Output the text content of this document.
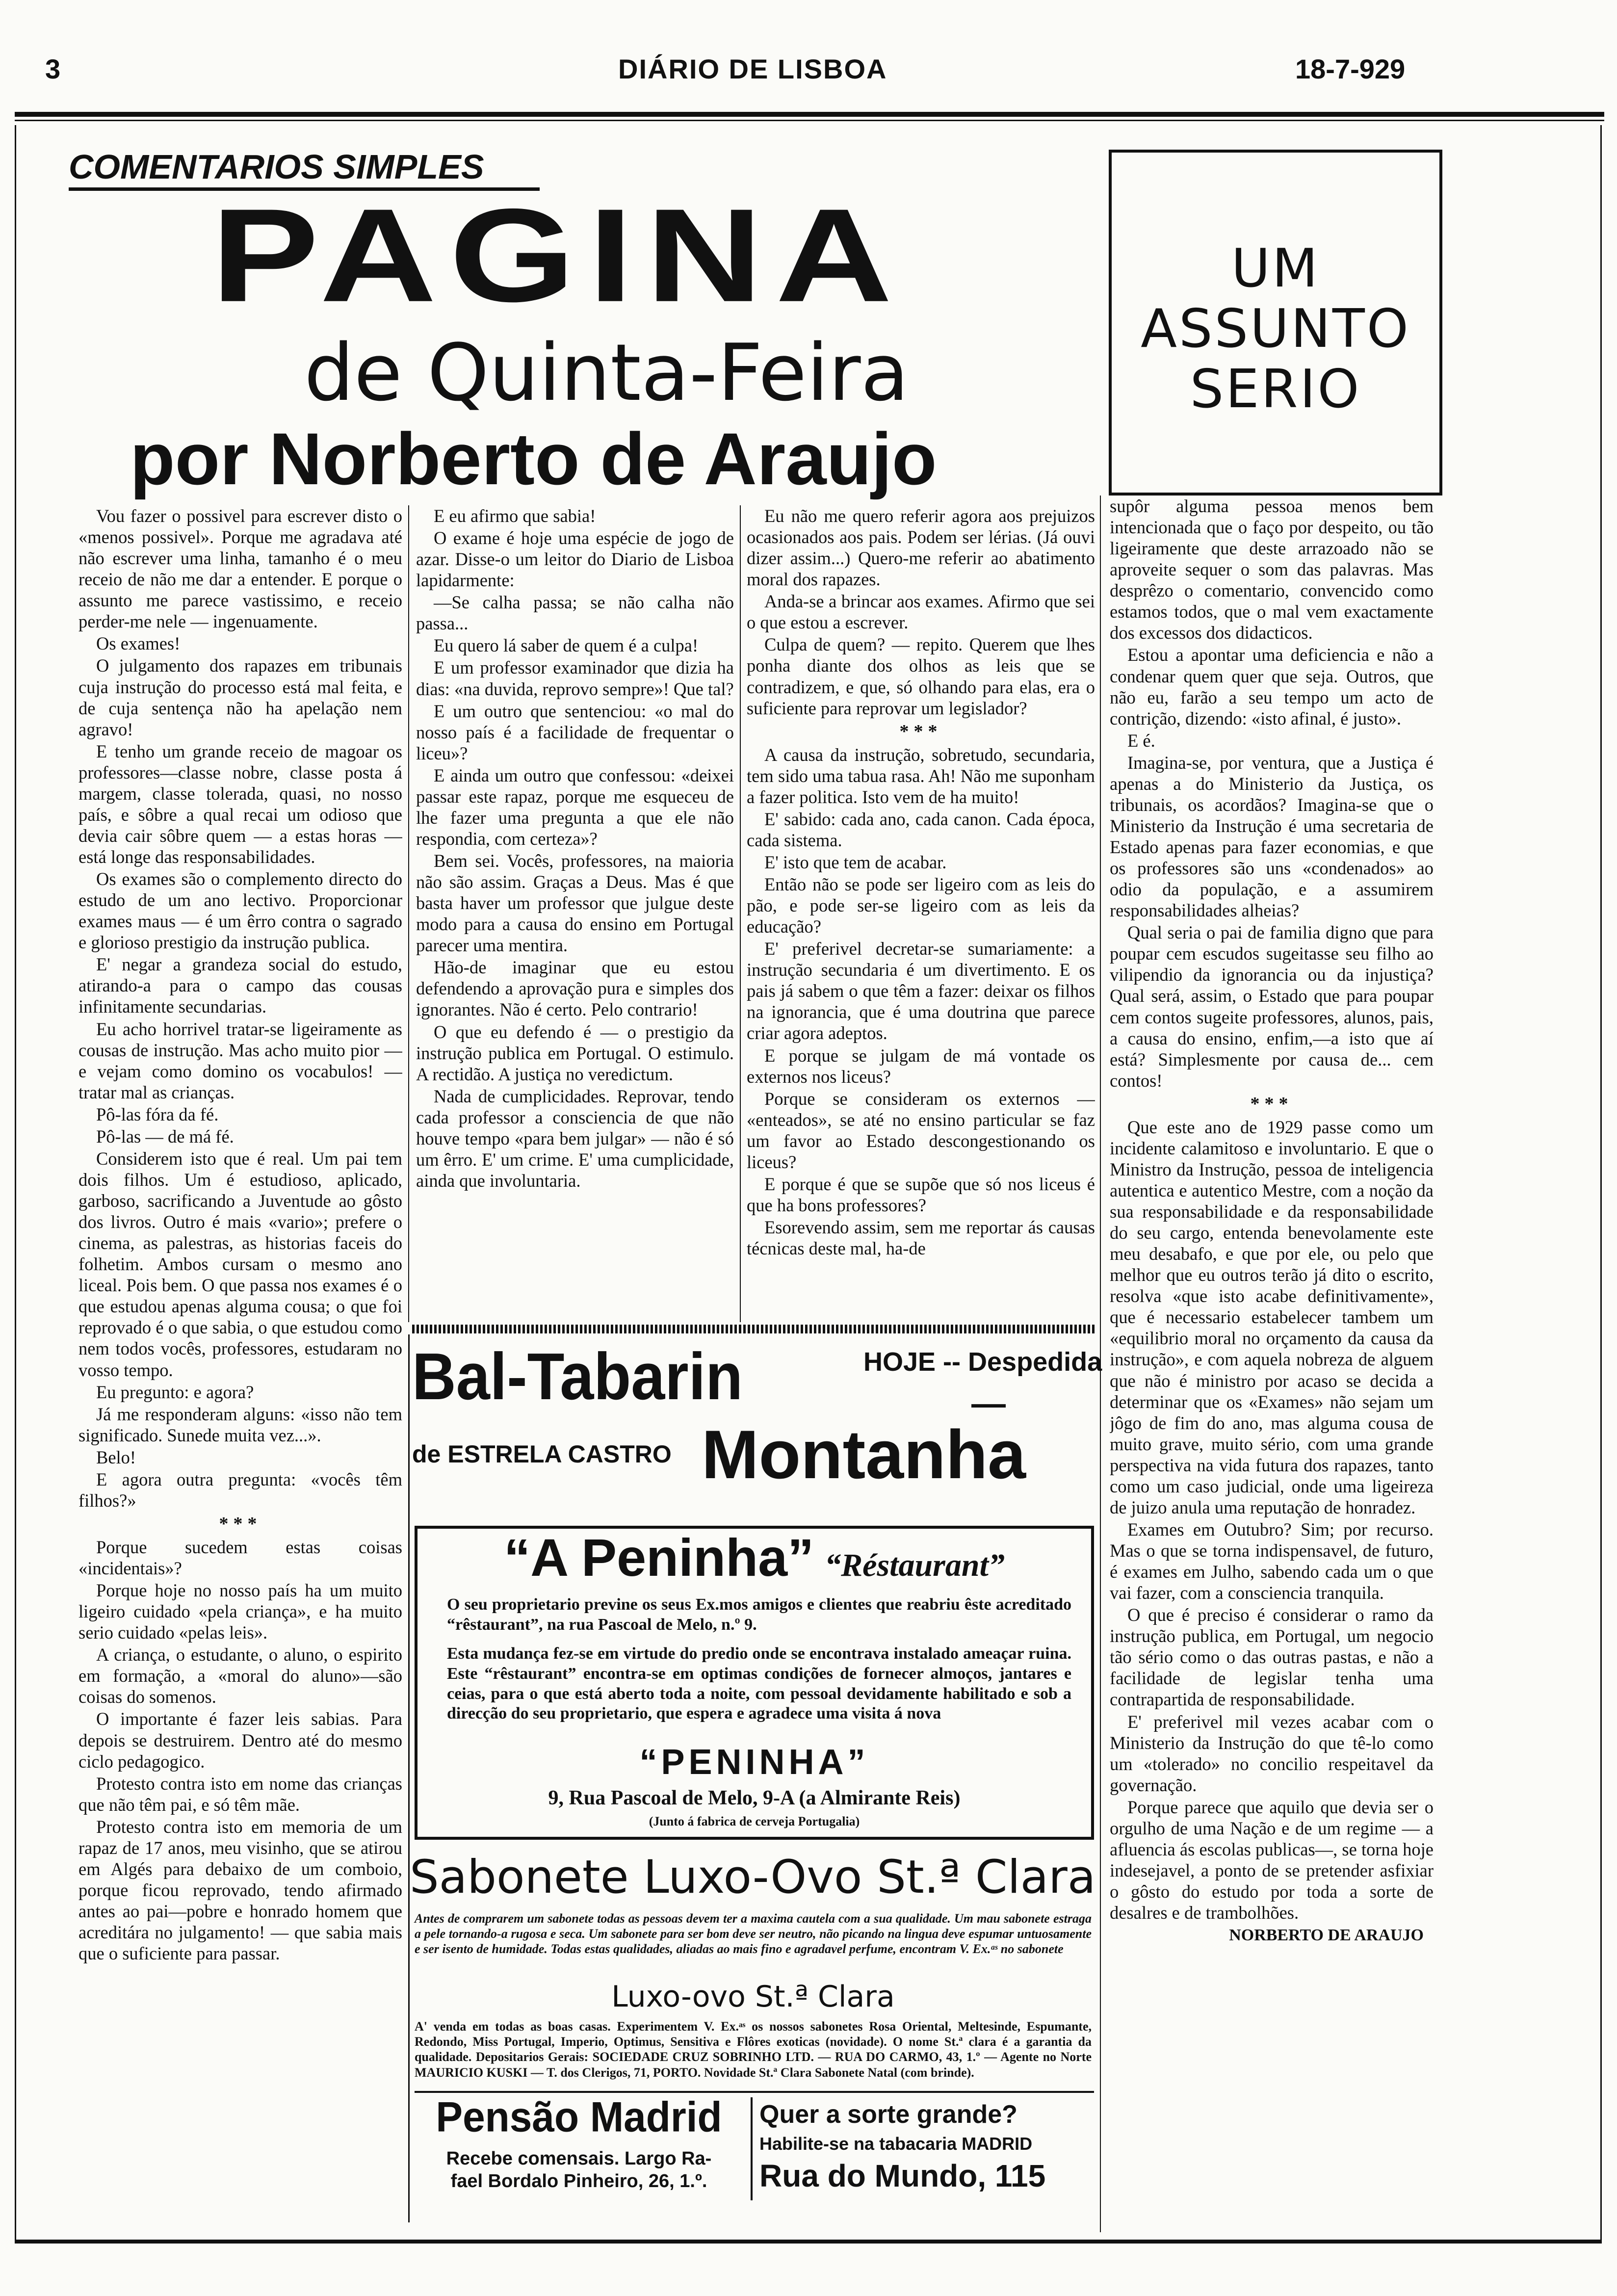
3	DIÁRIO DE LISBOA	18-7-929
COMENTARIOS SIMPLES
PAGINA
de Quinta-Feira
por Norberto de Araujo
UM
ASSUNTO
SERIO

Vou fazer o possivel para escrever disto o «menos possivel». Porque me agradava até não escrever uma linha, tamanho é o meu receio de não me dar a entender. E porque o assunto me parece vastissimo, e receio perder-me nele — ingenuamente.

Os exames!

O julgamento dos rapazes em tribunais cuja instrução do processo está mal feita, e de cuja sentença não ha apelação nem agravo!

E tenho um grande receio de magoar os professores—classe nobre, classe posta á margem, classe tolerada, quasi, no nosso país, e sôbre a qual recai um odioso que devia cair sôbre quem — a estas horas — está longe das responsabilidades.

Os exames são o complemento directo do estudo de um ano lectivo. Proporcionar exames maus — é um êrro contra o sagrado e glorioso prestigio da instrução publica.

E' negar a grandeza social do estudo, atirando-a para o campo das cousas infinitamente secundarias.

Eu acho horrivel tratar-se ligeiramente as cousas de instrução. Mas acho muito pior — e vejam como domino os vocabulos! — tratar mal as crianças.

Pô-las fóra da fé.

Pô-las — de má fé.

Considerem isto que é real. Um pai tem dois filhos. Um é estudioso, aplicado, garboso, sacrificando a Juventude ao gôsto dos livros. Outro é mais «vario»; prefere o cinema, as palestras, as historias faceis do folhetim. Ambos cursam o mesmo ano liceal. Pois bem. O que passa nos exames é o que estudou apenas alguma cousa; o que foi reprovado é o que sabia, o que estudou como nem todos vocês, professores, estudaram no vosso tempo.

Eu pregunto: e agora?

Já me responderam alguns: «isso não tem significado. Sunede muita vez...».

Belo!

E agora outra pregunta: «vocês têm filhos?»

***

Porque sucedem estas coisas «incidentais»?

Porque hoje no nosso país ha um muito ligeiro cuidado «pela criança», e ha muito serio cuidado «pelas leis».

A criança, o estudante, o aluno, o espirito em formação, a «moral do aluno»—são coisas do somenos.

O importante é fazer leis sabias. Para depois se destruirem. Dentro até do mesmo ciclo pedagogico.

Protesto contra isto em nome das crianças que não têm pai, e só têm mãe.

Protesto contra isto em memoria de um rapaz de 17 anos, meu visinho, que se atirou em Algés para debaixo de um comboio, porque ficou reprovado, tendo afirmado antes ao pai—pobre e honrado homem que acreditára no julgamento! — que sabia mais que o suficiente para passar.

E eu afirmo que sabia!

O exame é hoje uma espécie de jogo de azar. Disse-o um leitor do Diario de Lisboa lapidarmente:

—Se calha passa; se não calha não passa...

Eu quero lá saber de quem é a culpa!

E um professor examinador que dizia ha dias: «na duvida, reprovo sempre»! Que tal?

E um outro que sentenciou: «o mal do nosso país é a facilidade de frequentar o liceu»?

E ainda um outro que confessou: «deixei passar este rapaz, porque me esqueceu de lhe fazer uma pregunta a que ele não respondia, com certeza»?

Bem sei. Vocês, professores, na maioria não são assim. Graças a Deus. Mas é que basta haver um professor que julgue deste modo para a causa do ensino em Portugal parecer uma mentira.

Hão-de imaginar que eu estou defendendo a aprovação pura e simples dos ignorantes. Não é certo. Pelo contrario!

O que eu defendo é — o prestigio da instrução publica em Portugal. O estimulo. A rectidão. A justiça no veredictum.

Nada de cumplicidades. Reprovar, tendo cada professor a consciencia de que não houve tempo «para bem julgar» — não é só um êrro. E' um crime. E' uma cumplicidade, ainda que involuntaria.

Eu não me quero referir agora aos prejuizos ocasionados aos pais. Podem ser lérias. (Já ouvi dizer assim...) Quero-me referir ao abatimento moral dos rapazes.

Anda-se a brincar aos exames. Afirmo que sei o que estou a escrever.

Culpa de quem? — repito. Querem que lhes ponha diante dos olhos as leis que se contradizem, e que, só olhando para elas, era o suficiente para reprovar um legislador?

***

A causa da instrução, sobretudo, secundaria, tem sido uma tabua rasa. Ah! Não me suponham a fazer politica. Isto vem de ha muito!

E' sabido: cada ano, cada canon. Cada época, cada sistema.

E' isto que tem de acabar.

Então não se pode ser ligeiro com as leis do pão, e pode ser-se ligeiro com as leis da educação?

E' preferivel decretar-se sumariamente: a instrução secundaria é um divertimento. E os pais já sabem o que têm a fazer: deixar os filhos na ignorancia, que é uma doutrina que parece criar agora adeptos.

E porque se julgam de má vontade os externos nos liceus?

Porque se consideram os externos — «enteados», se até no ensino particular se faz um favor ao Estado descongestionando os liceus?

E porque é que se supõe que só nos liceus é que ha bons professores?

Esorevendo assim, sem me reportar ás causas técnicas deste mal, ha-de

supôr alguma pessoa menos bem intencionada que o faço por despeito, ou tão ligeiramente que deste arrazoado não se aproveite sequer o som das palavras. Mas desprêzo o comentario, convencido como estamos todos, que o mal vem exactamente dos excessos dos didacticos.

Estou a apontar uma deficiencia e não a condenar quem quer que seja. Outros, que não eu, farão a seu tempo um acto de contrição, dizendo: «isto afinal, é justo».

E é.

Imagina-se, por ventura, que a Justiça é apenas a do Ministerio da Justiça, os tribunais, os acordãos? Imagina-se que o Ministerio da Instrução é uma secretaria de Estado apenas para fazer economias, e que os professores são uns «condenados» ao odio da população, e a assumirem responsabilidades alheias?

Qual seria o pai de familia digno que para poupar cem escudos sugeitasse seu filho ao vilipendio da ignorancia ou da injustiça? Qual será, assim, o Estado que para poupar cem contos sugeite professores, alunos, pais, a causa do ensino, enfim,—a isto que aí está? Simplesmente por causa de... cem contos!

***

Que este ano de 1929 passe como um incidente calamitoso e involuntario. E que o Ministro da Instrução, pessoa de inteligencia autentica e autentico Mestre, com a noção da sua responsabilidade e da responsabilidade do seu cargo, entenda benevolamente este meu desabafo, e que por ele, ou pelo que melhor que eu outros terão já dito o escrito, resolva «que isto acabe definitivamente», que é necessario estabelecer tambem um «equilibrio moral no orçamento da causa da instrução», e com aquela nobreza de alguem que não é ministro por acaso se decida a determinar que os «Exames» não sejam um jôgo de fim do ano, mas alguma cousa de muito grave, muito sério, com uma grande perspectiva na vida futura dos rapazes, tanto como um caso judicial, onde uma ligeireza de juizo anula uma reputação de honradez.

Exames em Outubro? Sim; por recurso. Mas o que se torna indispensavel, de futuro, é exames em Julho, sabendo cada um o que vai fazer, com a consciencia tranquila.

O que é preciso é considerar o ramo da instrução publica, em Portugal, um negocio tão sério como o das outras pastas, e não a facilidade de legislar tenha uma contrapartida de responsabilidade.

E' preferivel mil vezes acabar com o Ministerio da Instrução do que tê-lo como um «tolerado» no concilio respeitavel da governação.

Porque parece que aquilo que devia ser o orgulho de uma Nação e de um regime — a afluencia ás escolas publicas—, se torna hoje indesejavel, a ponto de se pretender asfixiar o gôsto do estudo por toda a sorte de desalres e de trambolhões.

NORBERTO DE ARAUJO
Bal-Tabarin	HOJE -- Despedida
—
de ESTRELA CASTRO Montanha
“A Peninha” “Réstaurant”
O seu proprietario previne os seus Ex.mos amigos e clientes que reabriu êste acreditado “rêstaurant”, na rua Pascoal de Melo, n.º 9.
Esta mudança fez-se em virtude do predio onde se encontrava instalado ameaçar ruina. Este “rêstaurant” encontra-se em optimas condições de fornecer almoços, jantares e ceias, para o que está aberto toda a noite, com pessoal devidamente habilitado e sob a direcção do seu proprietario, que espera e agradece uma visita á nova
“PENINHA”
9, Rua Pascoal de Melo, 9-A (a Almirante Reis)
(Junto á fabrica de cerveja Portugalia)
Sabonete Luxo-Ovo St.ª Clara
Antes de comprarem um sabonete todas as pessoas devem ter a maxima cautela com a sua qualidade. Um mau sabonete estraga a pele tornando-a rugosa e seca. Um sabonete para ser bom deve ser neutro, não picando na lingua deve espumar untuosamente e ser isento de humidade. Todas estas qualidades, aliadas ao mais fino e agradavel perfume, encontram V. Ex.ᵃˢ no sabonete
Luxo-ovo St.ª Clara
A' venda em todas as boas casas. Experimentem V. Ex.ᵃˢ os nossos sabonetes Rosa Oriental, Meltesinde, Espumante, Redondo, Miss Portugal, Imperio, Optimus, Sensitiva e Flôres exoticas (novidade). O nome St.ª clara é a garantia da qualidade. Depositarios Gerais: SOCIEDADE CRUZ SOBRINHO LTD. — RUA DO CARMO, 43, 1.º — Agente no Norte MAURICIO KUSKI — T. dos Clerigos, 71, PORTO. Novidade St.ª Clara Sabonete Natal (com brinde).
Pensão Madrid
Recebe comensais. Largo Ra-
fael Bordalo Pinheiro, 26, 1.º.
Quer a sorte grande?
Habilite-se na tabacaria MADRID
Rua do Mundo, 115
